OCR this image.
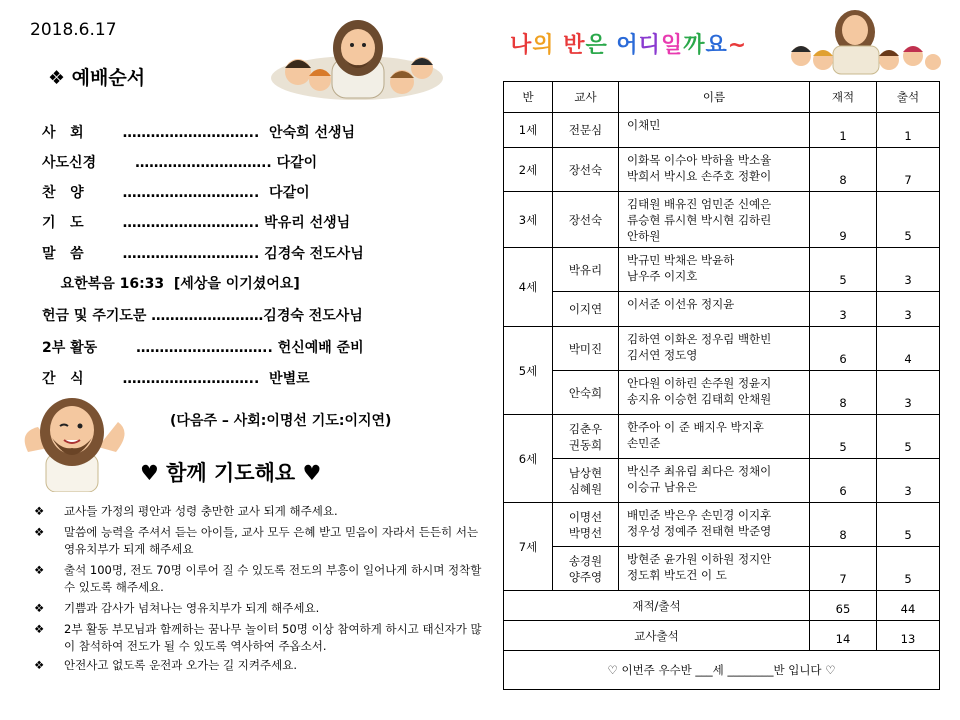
2018.6.17
❖ 예배순서
사   회        ………………………..  안숙희 선생님
사도신경        ……………………….. 다같이
찬   양        ………………………..  다같이
기   도        ……………………….. 박유리 선생님
말   씀        ……………………….. 김경숙 전도사님
요한복음 16:33  [세상을 이기셨어요]
헌금 및 주기도문 ……………………김경숙 전도사님
2부 활동        ……………………….. 헌신예배 준비
간   식        ………………………..  반별로
(다음주 – 사회:이명선 기도:이지연)
♥ 함께 기도해요 ♥
❖ 교사들 가정의 평안과 성령 충만한 교사 되게 해주세요.
❖ 말씀에 능력을 주셔서 듣는 아이들, 교사 모두 은혜 받고 믿음이 자라서 든든히 서는 영유치부가 되게 해주세요
❖ 출석 100명, 전도 70명 이루어 질 수 있도록 전도의 부흥이 일어나게 하시며 정착할 수 있도록 해주세요.
❖ 기쁨과 감사가 넘쳐나는 영유치부가 되게 해주세요.
❖ 2부 활동 부모님과 함께하는 꿈나무 놀이터 50명 이상 참여하게 하시고 태신자가 많이 참석하여 전도가 될 수 있도록 역사하여 주옵소서.
❖ 안전사고 없도록 운전과 오가는 길 지켜주세요.
나의 반은 어디일까요~
반	교사	이름	재적	출석
1세	전문심	이채민	1	1
2세	장선숙	이화목 이수아 박하율 박소율
박희서 박시요 손주호 정환이	8	7
3세	장선숙	김태원 배유진 엄민준 신예은
류승현 류시현 박시현 김하린
안하원	9	5
4세	박유리	박규민 박채은 박윤하
남우주 이지호	5	3
	이지연	이서준 이선유 정지윤	3	3
5세	박미진	김하연 이화온 정우림 백한빈
김서연 정도영	6	4
	안숙희	안다원 이하린 손주원 정윤지
송지유 이승헌 김태희 안채원	8	3
6세	김춘우
권동희	한주아 이 준 배지우 박지후
손민준	5	5
	남상현
심혜원	박신주 최유림 최다은 정채이
이승규 남유은	6	3
7세	이명선
박명선	배민준 박은우 손민경 이지후
정우성 정예주 전태현 박준영	8	5
	송경원
양주영	방현준 윤가원 이하원 정지안
정도휘 박도건 이 도	7	5
재적/출석			65	44
교사출석			14	13
♡ 이번주 우수반 ___세 ________반 입니다 ♡				
